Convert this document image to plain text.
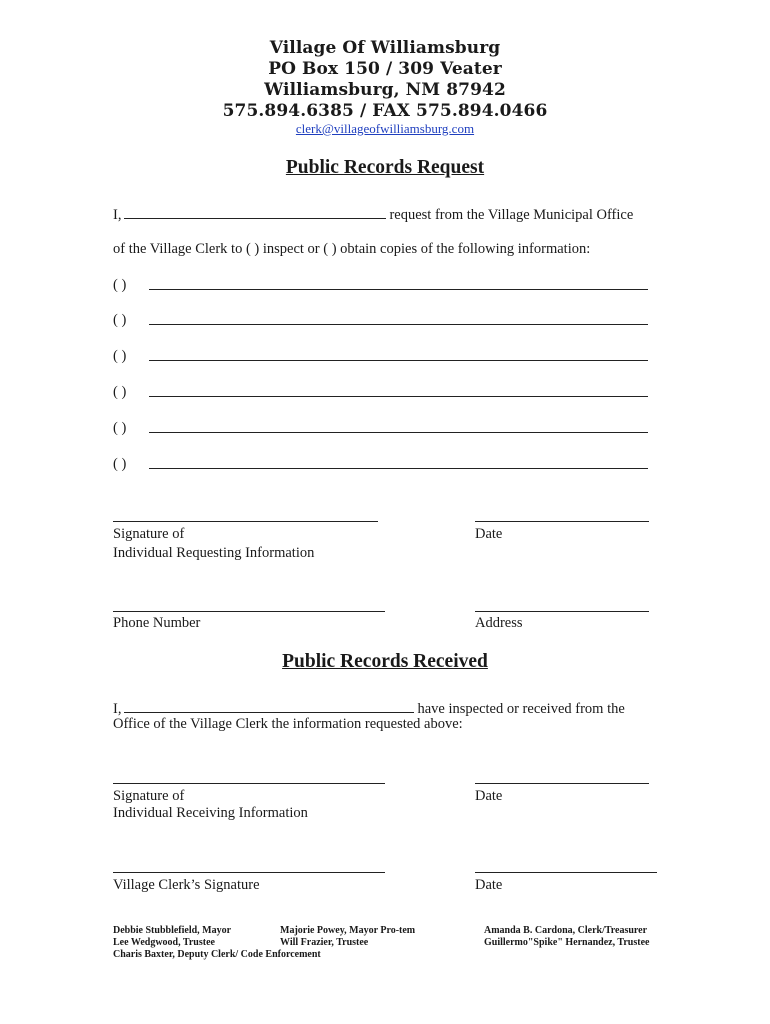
Village Of Williamsburg
PO Box 150 / 309 Veater
Williamsburg, NM 87942
575.894.6385 / FAX 575.894.0466
clerk@villageofwilliamsburg.com
Public Records Request
I,	request from the Village Municipal Office
of the Village Clerk to ( ) inspect or ( ) obtain copies of the following information:
( )
( )
( )
( )
( )
( )
Signature of
Individual Requesting Information
Date
Phone Number	Address
Public Records Received
I,	have inspected or received from the
Office of the Village Clerk the information requested above:
Signature of
Individual Receiving Information
Date
Village Clerk’s Signature	Date
Debbie Stubblefield, Mayor
Lee Wedgwood, Trustee
Charis Baxter, Deputy Clerk/ Code Enforcement
Majorie Powey, Mayor Pro-tem
Will Frazier, Trustee
Amanda B. Cardona, Clerk/Treasurer
Guillermo"Spike" Hernandez, Trustee
